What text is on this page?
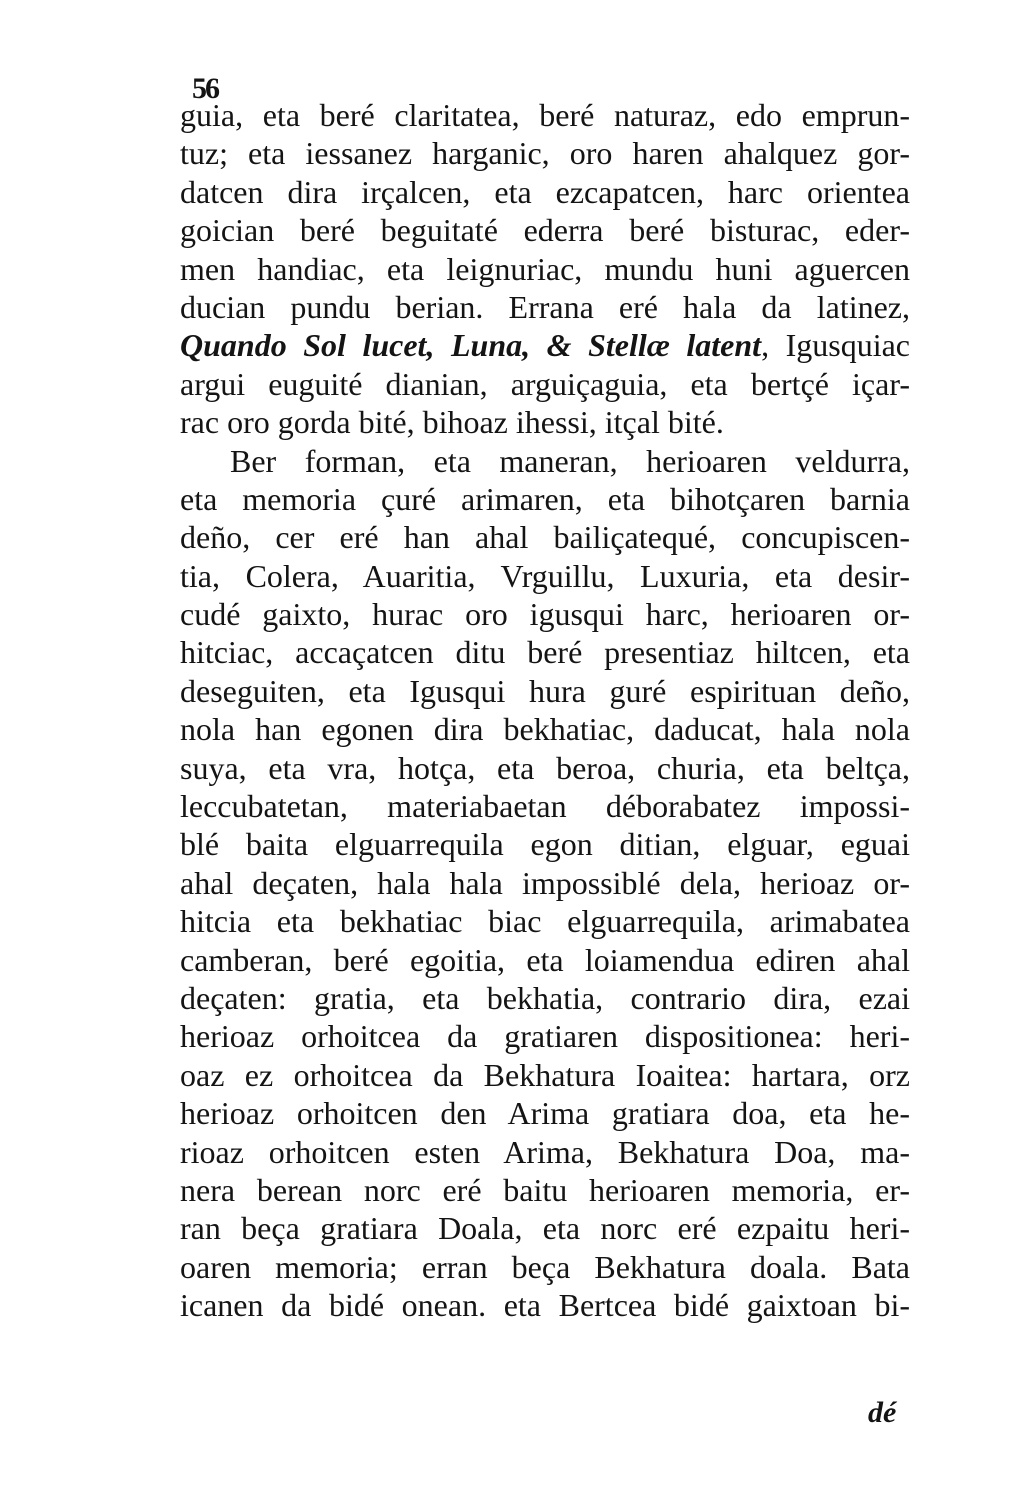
56
guia, eta beré claritatea, beré naturaz, edo emprun-
tuz; eta iessanez harganic, oro haren ahalquez gor-
datcen dira irçalcen, eta ezcapatcen, harc orientea
goician beré beguitaté ederra beré bisturac, eder-
men handiac, eta leignuriac, mundu huni aguercen
ducian pundu berian. Errana eré hala da latinez,
Quando Sol lucet, Luna, & Stellæ latent, Igusquiac
argui euguité dianian, arguiçaguia, eta bertçé içar-
rac oro gorda bité, bihoaz ihessi, itçal bité.
Ber forman, eta maneran, herioaren veldurra,
eta memoria çuré arimaren, eta bihotçaren barnia
deño, cer eré han ahal bailiçatequé, concupiscen-
tia, Colera, Auaritia, Vrguillu, Luxuria, eta desir-
cudé gaixto, hurac oro igusqui harc, herioaren or-
hitciac, accaçatcen ditu beré presentiaz hiltcen, eta
deseguiten, eta Igusqui hura guré espirituan deño,
nola han egonen dira bekhatiac, daducat, hala nola
suya, eta vra, hotça, eta beroa, churia, eta beltça,
leccubatetan, materiabaetan déborabatez impossi-
blé baita elguarrequila egon ditian, elguar, eguai
ahal deçaten, hala hala impossiblé dela, herioaz or-
hitcia eta bekhatiac biac elguarrequila, arimabatea
camberan, beré egoitia, eta loiamendua ediren ahal
deçaten: gratia, eta bekhatia, contrario dira, ezai
herioaz orhoitcea da gratiaren dispositionea: heri-
oaz ez orhoitcea da Bekhatura Ioaitea: hartara, orz
herioaz orhoitcen den Arima gratiara doa, eta he-
rioaz orhoitcen esten Arima, Bekhatura Doa, ma-
nera berean norc eré baitu herioaren memoria, er-
ran beça gratiara Doala, eta norc eré ezpaitu heri-
oaren memoria; erran beça Bekhatura doala. Bata
icanen da bidé onean. eta Bertcea bidé gaixtoan bi-
dé
